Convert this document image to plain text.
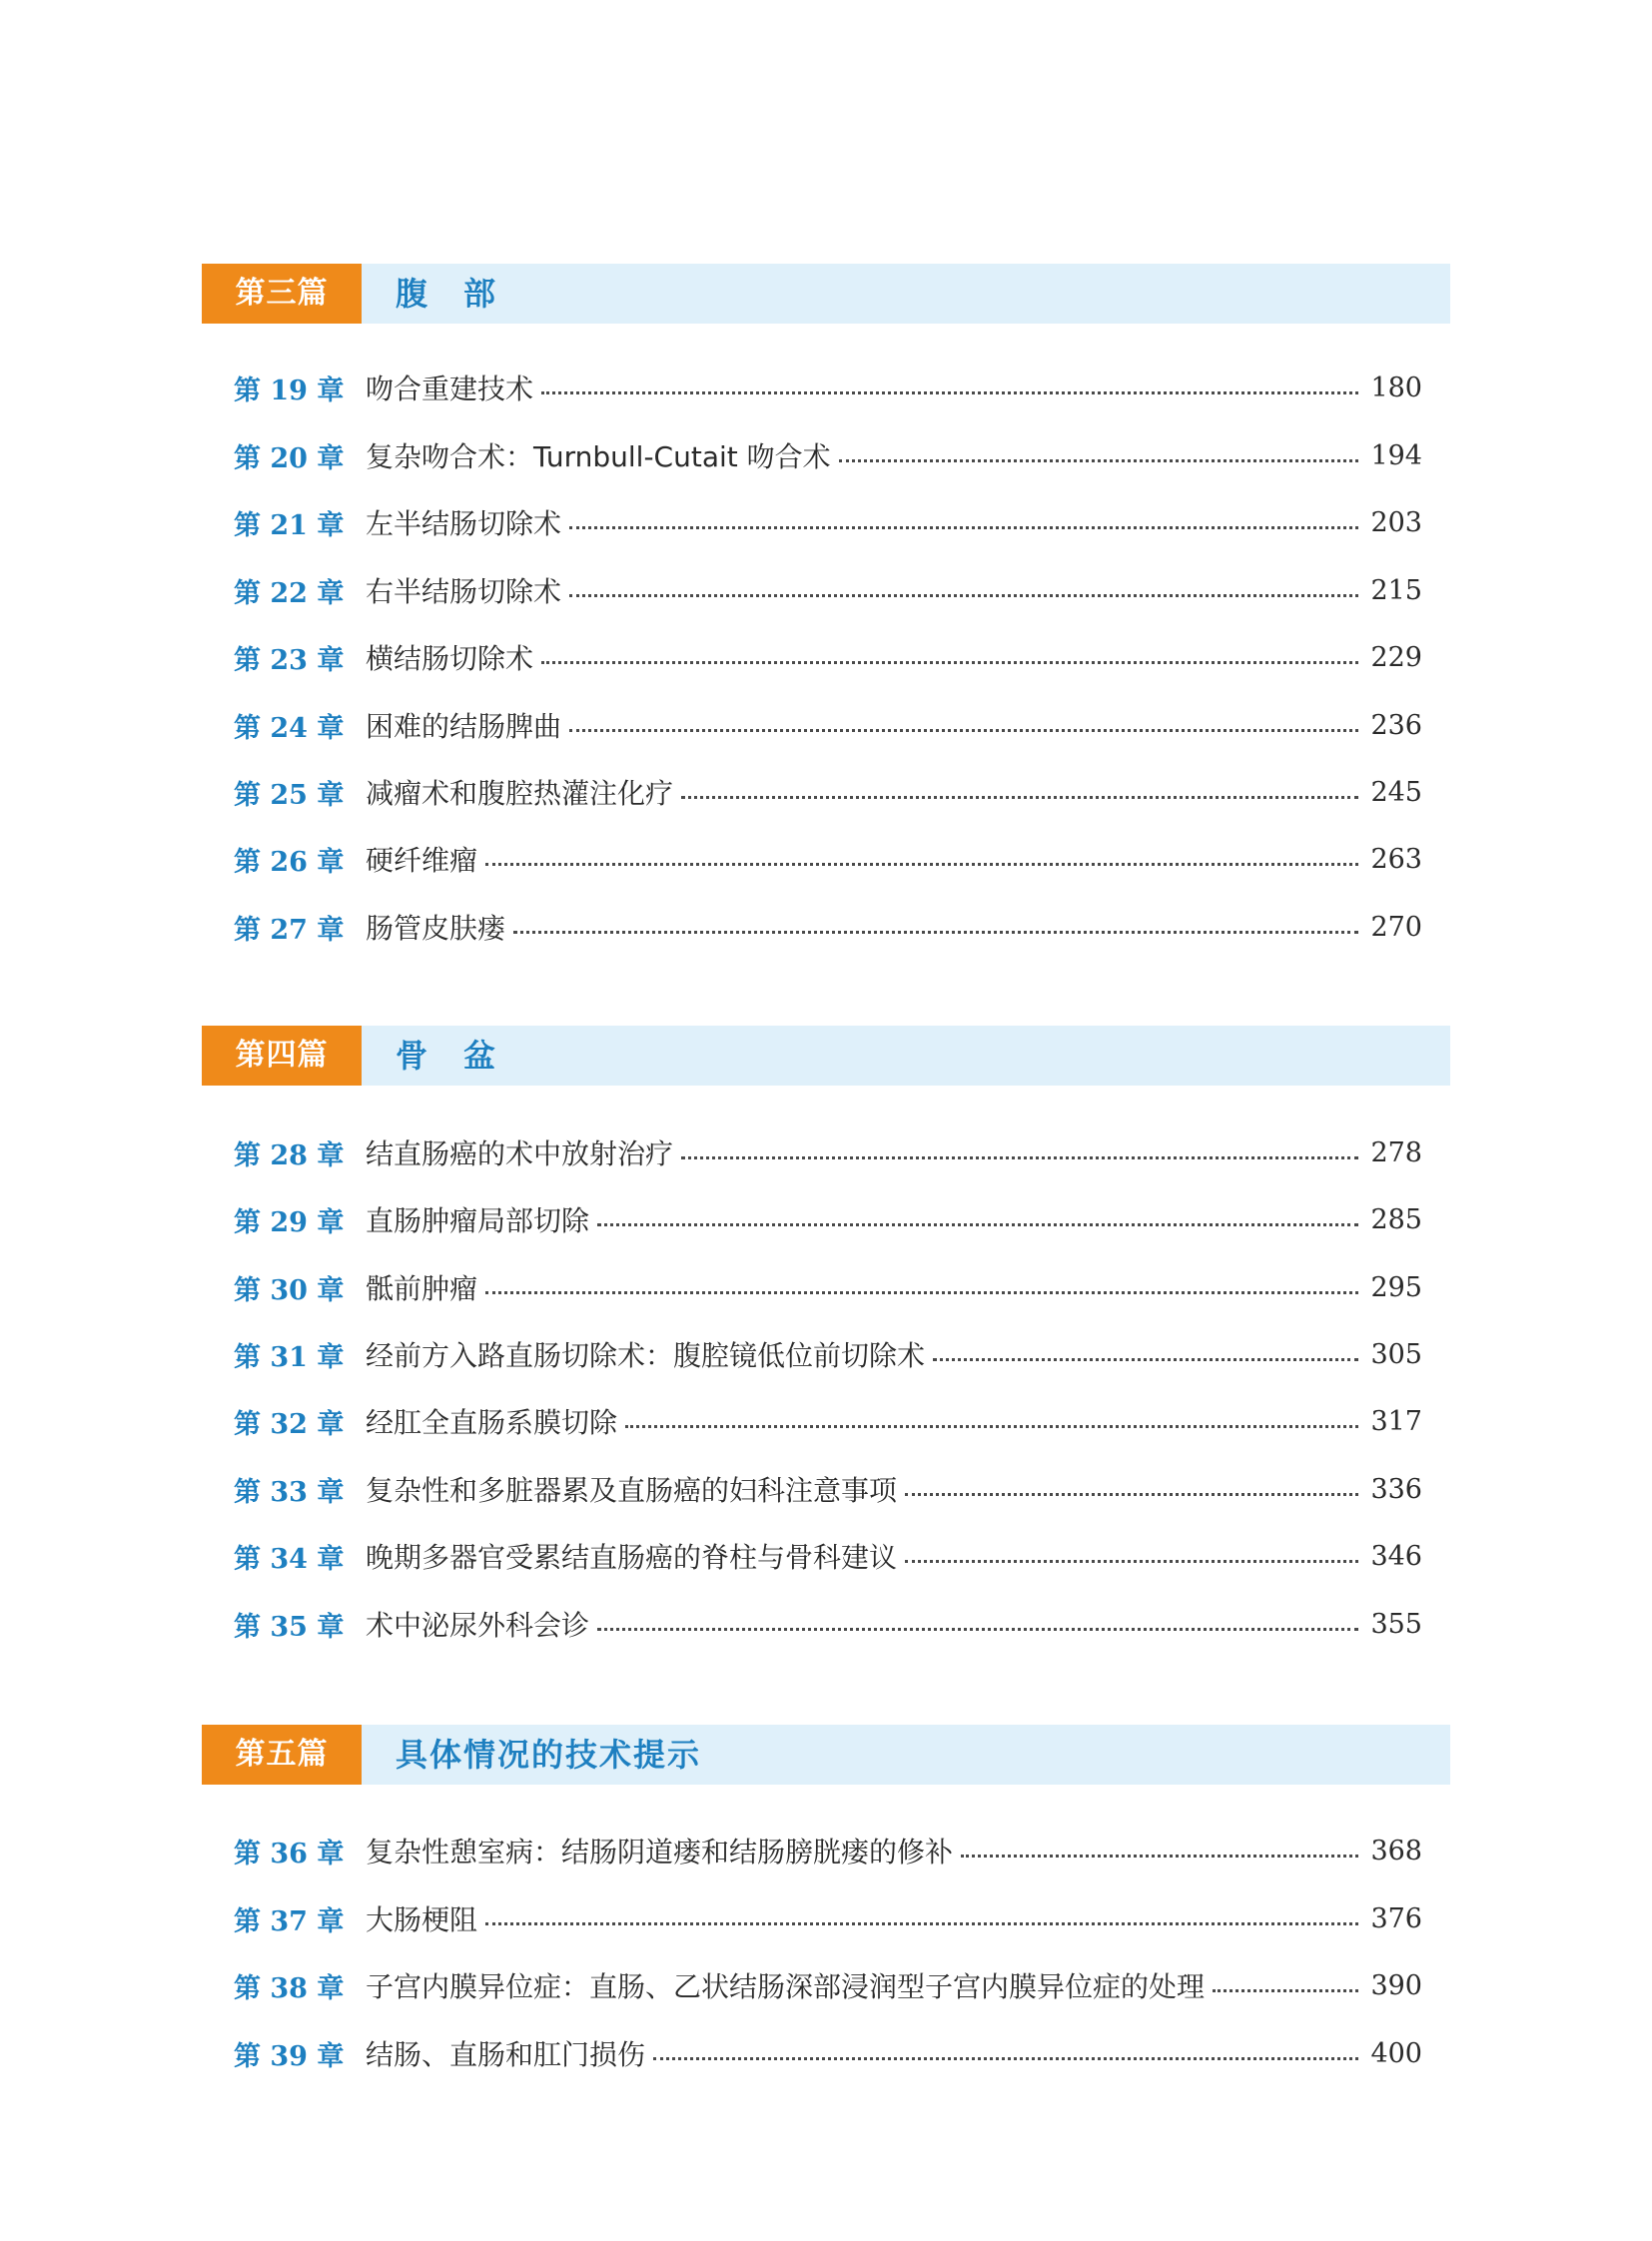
第三篇	腹　部
第 19 章 吻合重建技术	180
第 20 章 复杂吻合术：Turnbull-Cutait 吻合术	194
第 21 章 左半结肠切除术	203
第 22 章 右半结肠切除术	215
第 23 章 横结肠切除术	229
第 24 章 困难的结肠脾曲	236
第 25 章 减瘤术和腹腔热灌注化疗	245
第 26 章 硬纤维瘤	263
第 27 章 肠管皮肤瘘	270
第四篇	骨　盆
第 28 章 结直肠癌的术中放射治疗	278
第 29 章 直肠肿瘤局部切除	285
第 30 章 骶前肿瘤	295
第 31 章 经前方入路直肠切除术：腹腔镜低位前切除术	305
第 32 章 经肛全直肠系膜切除	317
第 33 章 复杂性和多脏器累及直肠癌的妇科注意事项	336
第 34 章 晚期多器官受累结直肠癌的脊柱与骨科建议	346
第 35 章 术中泌尿外科会诊	355
第五篇	具体情况的技术提示
第 36 章 复杂性憩室病：结肠阴道瘘和结肠膀胱瘘的修补	368
第 37 章 大肠梗阻	376
第 38 章 子宫内膜异位症：直肠、乙状结肠深部浸润型子宫内膜异位症的处理	390
第 39 章 结肠、直肠和肛门损伤	400
